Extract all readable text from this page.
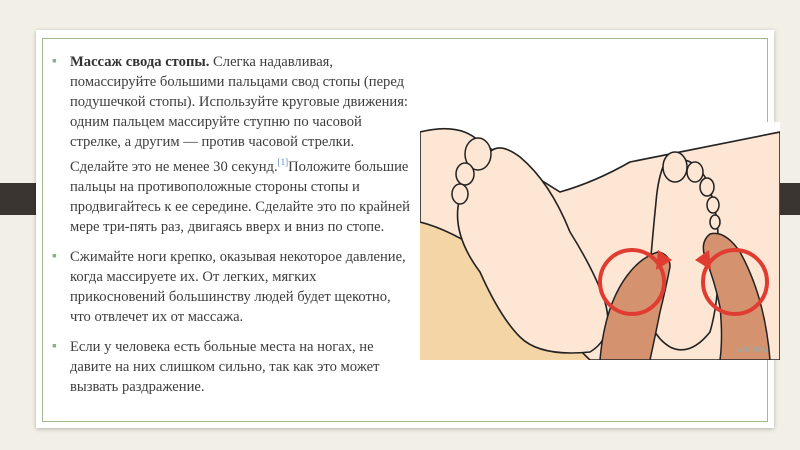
▪ Массаж свода стопы. Слегка надавливая, помассируйте большими пальцами свод стопы (перед подушечкой стопы). Используйте круговые движения: одним пальцем массируйте ступню по часовой стрелке, а другим — против часовой стрелки. Сделайте это не менее 30 секунд.[1]Положите большие пальцы на противоположные стороны стопы и продвигайтесь к ее середине. Сделайте это по крайней мере три-пять раз, двигаясь вверх и вниз по стопе.

▪ Сжимайте ноги крепко, оказывая некоторое давление, когда массируете их. От легких, мягких прикосновений большинству людей будет щекотно, что отвлечет их от массажа.

▪ Если у человека есть больные места на ногах, не давите на них слишком сильно, так как это может вызвать раздражение.

wiki How
